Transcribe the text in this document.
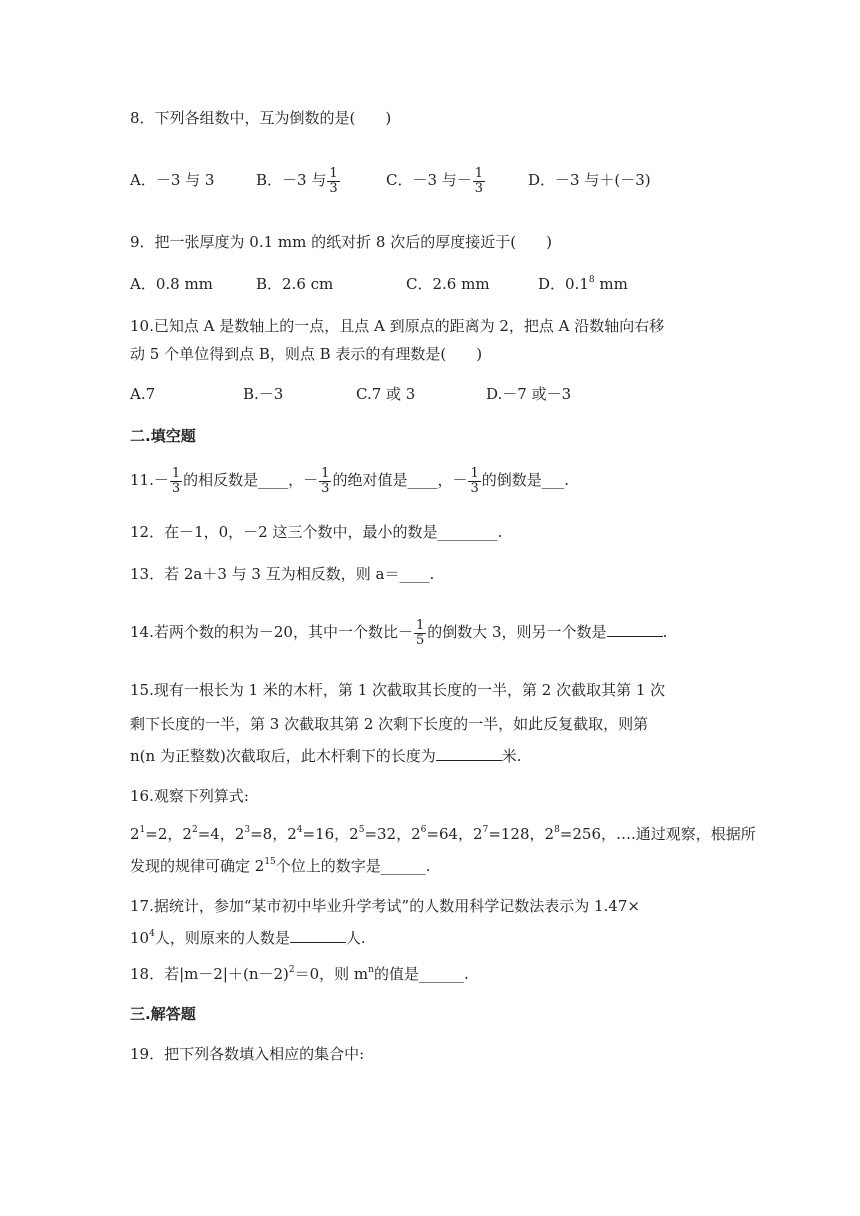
8．下列各组数中，互为倒数的是(　　)
A．－3 与 3	B．－3 与 $\frac{1}{3}$	C．－3 与－ $\frac{1}{3}$	D．－3 与＋(－3)
9．把一张厚度为 0.1 mm 的纸对折 8 次后的厚度接近于(　　)
A．0.8 mm	B．2.6 cm	C．2.6 mm	D．$0.1^8$ mm
10.已知点 A 是数轴上的一点，且点 A 到原点的距离为 2，把点 A 沿数轴向右移
动 5 个单位得到点 B，则点 B 表示的有理数是(　　)
A.7	B.－3	C.7 或 3	D.－7 或－3
二.填空题
$11.- \frac{1}{3}$ 的相反数是____，－ $\frac{1}{3}$ 的绝对值是____，－ $\frac{1}{3}$ 的倒数是___.
12．在－1，0，－2 这三个数中，最小的数是________.
13．若 2a＋3 与 3 互为相反数，则 a＝____.
14.若两个数的积为－20，其中一个数比－ $\frac{1}{5}$ 的倒数大 3，则另一个数是	.
15.现有一根长为 1 米的木杆，第 1 次截取其长度的一半，第 2 次截取其第 1 次
剩下长度的一半，第 3 次截取其第 2 次剩下长度的一半，如此反复截取，则第
n(n 为正整数)次截取后，此木杆剩下的长度为	米.
16.观察下列算式:
$2^1=2$，$2^2=4$，$2^3=8$，$2^4=16$，$2^5=32$，$2^6=64$，$2^7=128$，$2^8=256$，….通过观察，根据所
发现的规律可确定 $2^{15}$个位上的数字是______.
17.据统计，参加“某市初中毕业升学考试”的人数用科学记数法表示为 1.47×
$10^4$人，则原来的人数是	人.
18．若$|m-2|+(n-2)^2=0$，则 $m^n$的值是______.
三.解答题
19．把下列各数填入相应的集合中:
